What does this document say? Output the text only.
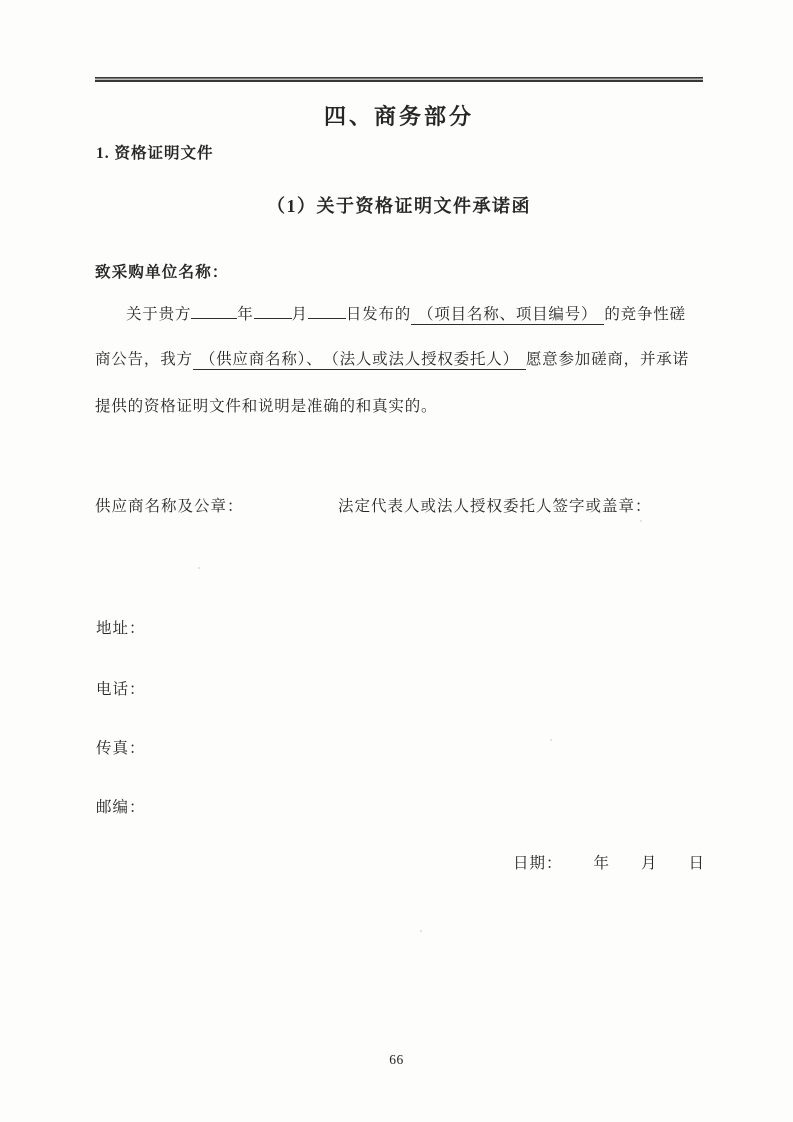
四、商务部分
1. 资格证明文件
（1）关于资格证明文件承诺函
致采购单位名称：
关于贵方	年 月 日发布的 （项目名称、项目编号） 的竞争性磋
商公告，我方 （供应商名称）、　（法人或法人授权委托人） 愿意参加磋商，并承诺
提供的资格证明文件和说明是准确的和真实的。
供应商名称及公章：	法定代表人或法人授权委托人签字或盖章：
地址：
电话：
传真：
邮编：
日期： 年 月 日
66
